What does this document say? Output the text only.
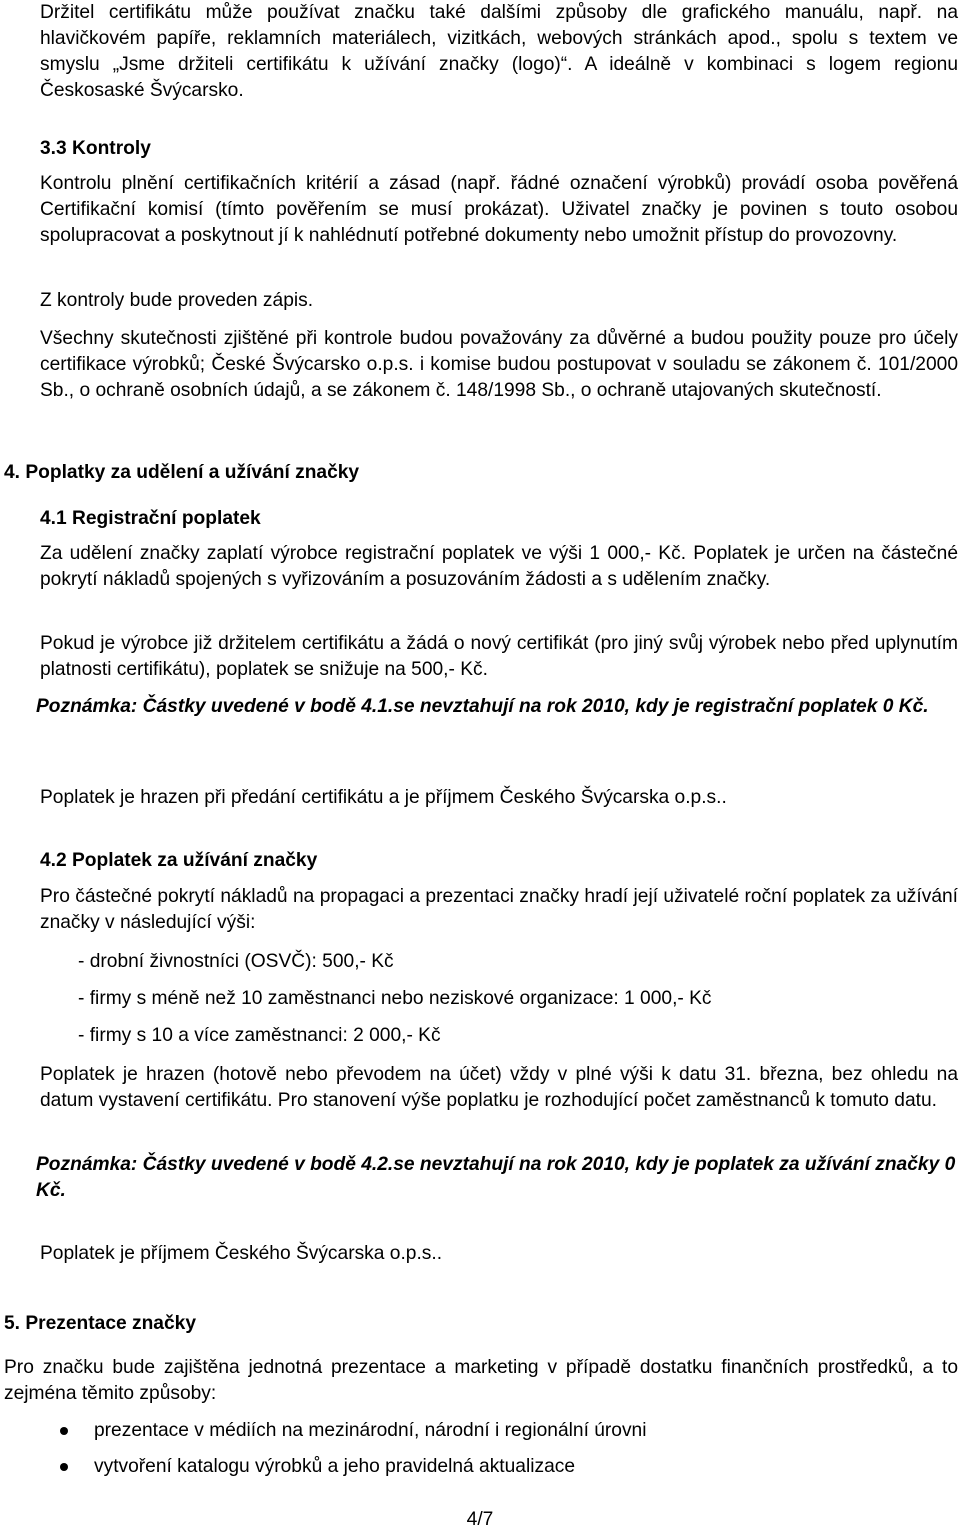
Držitel certifikátu může používat značku také dalšími způsoby dle grafického manuálu, např. na hlavičkovém papíře, reklamních materiálech, vizitkách, webových stránkách apod., spolu s textem ve smyslu „Jsme držiteli certifikátu k užívání značky (logo)“. A ideálně v kombinaci s logem regionu Českosaské Švýcarsko.

3.3 Kontroly

Kontrolu plnění certifikačních kritérií a zásad (např. řádné označení výrobků) provádí osoba pověřená Certifikační komisí (tímto pověřením se musí prokázat). Uživatel značky je povinen s touto osobou spolupracovat a poskytnout jí k nahlédnutí potřebné dokumenty nebo umožnit přístup do provozovny.

Z kontroly bude proveden zápis.

Všechny skutečnosti zjištěné při kontrole budou považovány za důvěrné a budou použity pouze pro účely certifikace výrobků; České Švýcarsko o.p.s. i komise budou postupovat v souladu se zákonem č. 101/2000 Sb., o ochraně osobních údajů, a se zákonem č. 148/1998 Sb., o ochraně utajovaných skutečností.

4. Poplatky za udělení a užívání značky

4.1 Registrační poplatek

Za udělení značky zaplatí výrobce registrační poplatek ve výši 1 000,- Kč. Poplatek je určen na částečné pokrytí nákladů spojených s vyřizováním a posuzováním žádosti a s udělením značky.

Pokud je výrobce již držitelem certifikátu a žádá o nový certifikát (pro jiný svůj výrobek nebo před uplynutím platnosti certifikátu), poplatek se snižuje na 500,- Kč.

Poznámka: Částky uvedené v bodě 4.1.se nevztahují na rok 2010, kdy je registrační poplatek 0 Kč.

Poplatek je hrazen při předání certifikátu a je příjmem Českého Švýcarska o.p.s..

4.2 Poplatek za užívání značky

Pro částečné pokrytí nákladů na propagaci a prezentaci značky hradí její uživatelé roční poplatek za užívání značky v následující výši:

- drobní živnostníci (OSVČ): 500,- Kč

- firmy s méně než 10 zaměstnanci nebo neziskové organizace: 1 000,- Kč

- firmy s 10 a více zaměstnanci: 2 000,- Kč

Poplatek je hrazen (hotově nebo převodem na účet) vždy v plné výši k datu 31. března, bez ohledu na datum vystavení certifikátu. Pro stanovení výše poplatku je rozhodující počet zaměstnanců k tomuto datu.

Poznámka: Částky uvedené v bodě 4.2.se nevztahují na rok 2010, kdy je poplatek za užívání značky 0 Kč.

Poplatek je příjmem Českého Švýcarska o.p.s..

5. Prezentace značky

Pro značku bude zajištěna jednotná prezentace a marketing v případě dostatku finančních prostředků, a to zejména těmito způsoby:

prezentace v médiích na mezinárodní, národní i regionální úrovni
vytvoření katalogu výrobků a jeho pravidelná aktualizace
4/7
